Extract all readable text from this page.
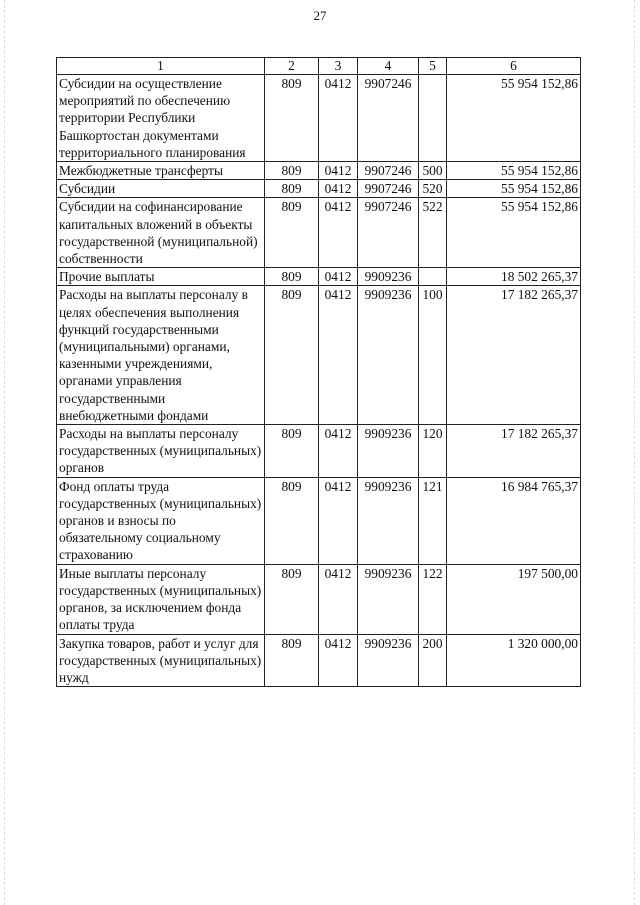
27
1	2	3	4	5	6
Субсидии на осуществление мероприятий по обеспечению территории Республики Башкортостан документами территориального планирования	809	0412	9907246		55 954 152,86
Межбюджетные трансферты	809	0412	9907246	500	55 954 152,86
Субсидии	809	0412	9907246	520	55 954 152,86
Субсидии на софинансирование капитальных вложений в объекты государственной (муниципальной) собственности	809	0412	9907246	522	55 954 152,86
Прочие выплаты	809	0412	9909236		18 502 265,37
Расходы на выплаты персоналу в целях обеспечения выполнения функций государственными (муниципальными) органами, казенными учреждениями, органами управления государственными внебюджетными фондами	809	0412	9909236	100	17 182 265,37
Расходы на выплаты персоналу государственных (муниципальных) органов	809	0412	9909236	120	17 182 265,37
Фонд оплаты труда государственных (муниципальных) органов и взносы по обязательному социальному страхованию	809	0412	9909236	121	16 984 765,37
Иные выплаты персоналу государственных (муниципальных) органов, за исключением фонда оплаты труда	809	0412	9909236	122	197 500,00
Закупка товаров, работ и услуг для государственных (муниципальных) нужд	809	0412	9909236	200	1 320 000,00
